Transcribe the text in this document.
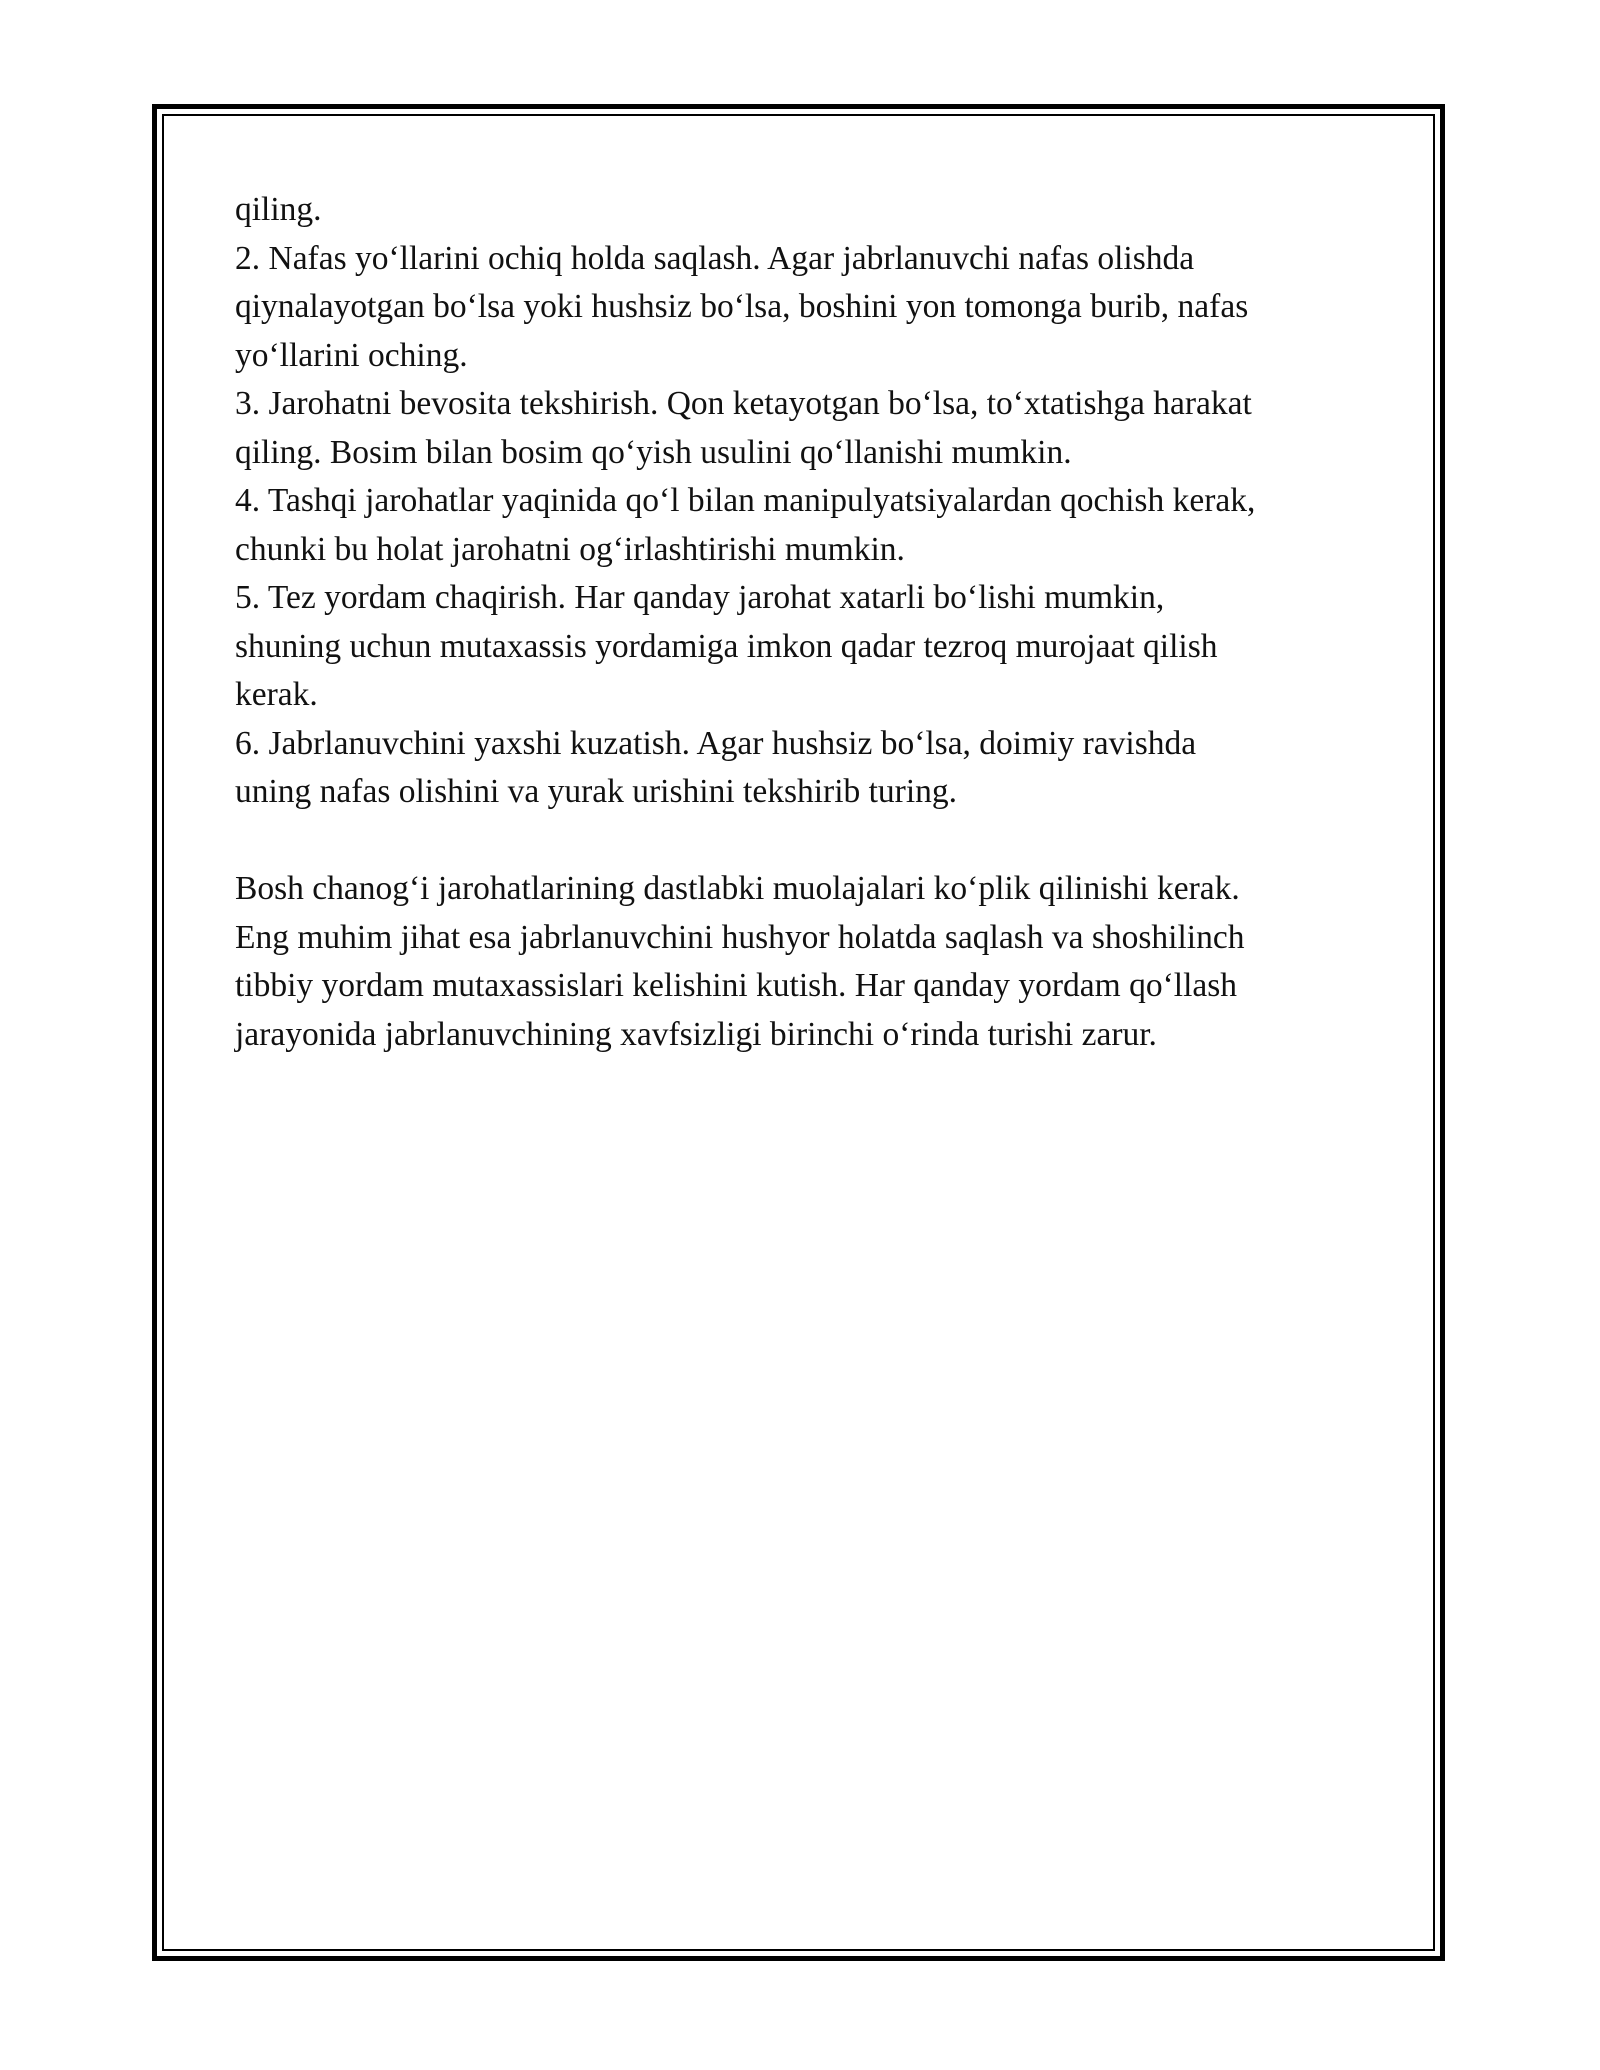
qiling.

2. Nafas yo‘llarini ochiq holda saqlash. Agar jabrlanuvchi nafas olishda

qiynalayotgan bo‘lsa yoki hushsiz bo‘lsa, boshini yon tomonga burib, nafas

yo‘llarini oching.

3. Jarohatni bevosita tekshirish. Qon ketayotgan bo‘lsa, to‘xtatishga harakat

qiling. Bosim bilan bosim qo‘yish usulini qo‘llanishi mumkin.

4. Tashqi jarohatlar yaqinida qo‘l bilan manipulyatsiyalardan qochish kerak,

chunki bu holat jarohatni og‘irlashtirishi mumkin.

5. Tez yordam chaqirish. Har qanday jarohat xatarli bo‘lishi mumkin,

shuning uchun mutaxassis yordamiga imkon qadar tezroq murojaat qilish

kerak.

6. Jabrlanuvchini yaxshi kuzatish. Agar hushsiz bo‘lsa, doimiy ravishda

uning nafas olishini va yurak urishini tekshirib turing.

Bosh chanog‘i jarohatlarining dastlabki muolajalari ko‘plik qilinishi kerak.

Eng muhim jihat esa jabrlanuvchini hushyor holatda saqlash va shoshilinch

tibbiy yordam mutaxassislari kelishini kutish. Har qanday yordam qo‘llash

jarayonida jabrlanuvchining xavfsizligi birinchi o‘rinda turishi zarur.
